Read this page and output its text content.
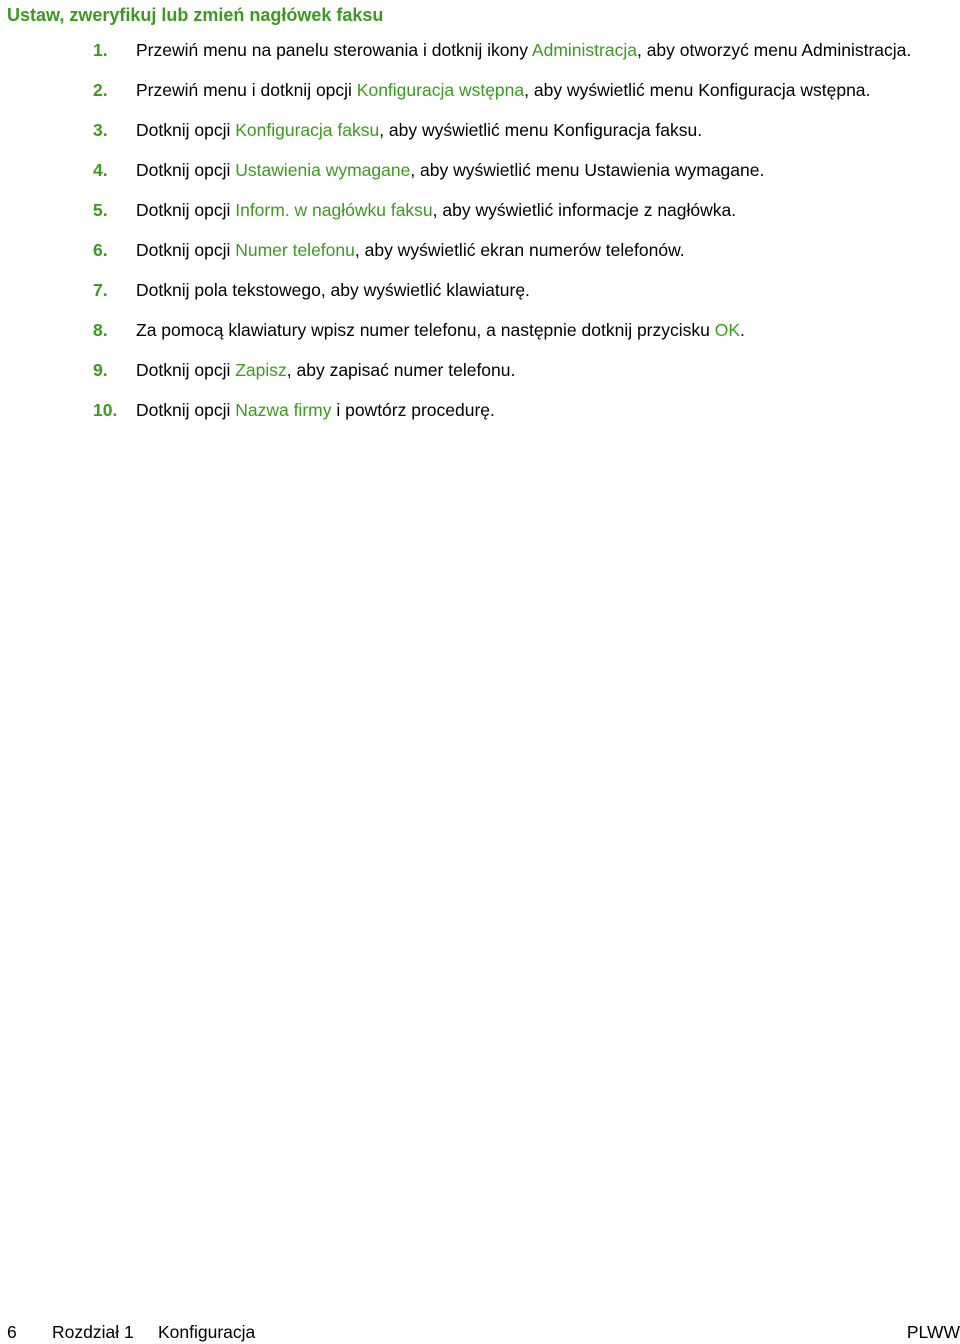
Ustaw, zweryfikuj lub zmień nagłówek faksu
1. Przewiń menu na panelu sterowania i dotknij ikony Administracja, aby otworzyć menu Administracja.
2. Przewiń menu i dotknij opcji Konfiguracja wstępna, aby wyświetlić menu Konfiguracja wstępna.
3. Dotknij opcji Konfiguracja faksu, aby wyświetlić menu Konfiguracja faksu.
4. Dotknij opcji Ustawienia wymagane, aby wyświetlić menu Ustawienia wymagane.
5. Dotknij opcji Inform. w nagłówku faksu, aby wyświetlić informacje z nagłówka.
6. Dotknij opcji Numer telefonu, aby wyświetlić ekran numerów telefonów.
7. Dotknij pola tekstowego, aby wyświetlić klawiaturę.
8. Za pomocą klawiatury wpisz numer telefonu, a następnie dotknij przycisku OK.
9. Dotknij opcji Zapisz, aby zapisać numer telefonu.
10. Dotknij opcji Nazwa firmy i powtórz procedurę.
6 Rozdział 1 Konfiguracja	PLWW
